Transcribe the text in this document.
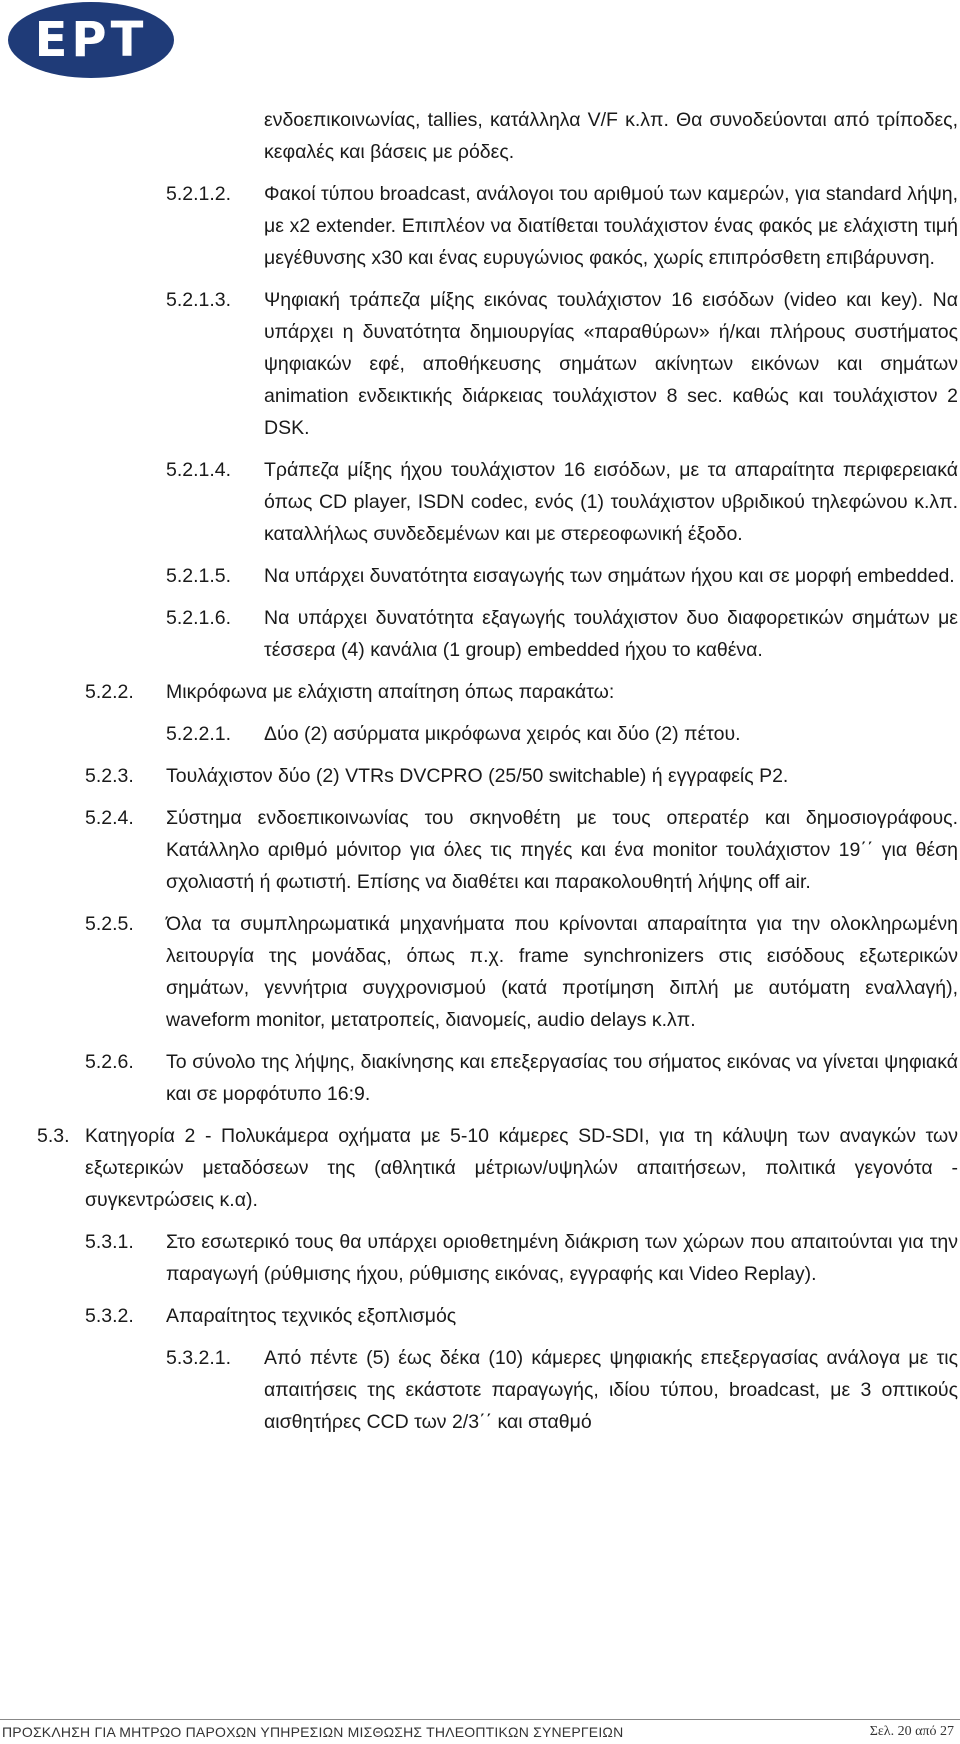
ΕΡΤ
ενδοεπικοινωνίας, tallies, κατάλληλα V/F κ.λπ. Θα συνοδεύονται από τρίποδες, κεφαλές και βάσεις με ρόδες.
5.2.1.2. Φακοί τύπου broadcast, ανάλογοι του αριθμού των καμερών, για standard λήψη, με x2 extender. Επιπλέον να διατίθεται τουλάχιστον ένας φακός με ελάχιστη τιμή μεγέθυνσης x30 και ένας ευρυγώνιος φακός, χωρίς επιπρόσθετη επιβάρυνση.
5.2.1.3. Ψηφιακή τράπεζα μίξης εικόνας τουλάχιστον 16 εισόδων (video και key). Να υπάρχει η δυνατότητα δημιουργίας «παραθύρων» ή/και πλήρους συστήματος ψηφιακών εφέ, αποθήκευσης σημάτων ακίνητων εικόνων και σημάτων animation ενδεικτικής διάρκειας τουλάχιστον 8 sec. καθώς και τουλάχιστον 2 DSK.
5.2.1.4. Τράπεζα μίξης ήχου τουλάχιστον 16 εισόδων, με τα απαραίτητα περιφερειακά όπως CD player, ISDN codec, ενός (1) τουλάχιστον υβριδικού τηλεφώνου κ.λπ. καταλλήλως συνδεδεμένων και με στερεοφωνική έξοδο.
5.2.1.5. Να υπάρχει δυνατότητα εισαγωγής των σημάτων ήχου και σε μορφή embedded.
5.2.1.6. Να υπάρχει δυνατότητα εξαγωγής τουλάχιστον δυο διαφορετικών σημάτων με τέσσερα (4) κανάλια (1 group) embedded ήχου το καθένα.
5.2.2. Μικρόφωνα με ελάχιστη απαίτηση όπως παρακάτω:
5.2.2.1. Δύο (2) ασύρματα μικρόφωνα χειρός και δύο (2) πέτου.
5.2.3. Τουλάχιστον δύο (2) VTRs DVCPRO (25/50 switchable) ή εγγραφείς P2.
5.2.4. Σύστημα ενδοεπικοινωνίας του σκηνοθέτη με τους οπερατέρ και δημοσιογράφους. Κατάλληλο αριθμό μόνιτορ για όλες τις πηγές και ένα monitor τουλάχιστον 19΄΄ για θέση σχολιαστή ή φωτιστή. Επίσης να διαθέτει και παρακολουθητή λήψης off air.
5.2.5. Όλα τα συμπληρωματικά μηχανήματα που κρίνονται απαραίτητα για την ολοκληρωμένη λειτουργία της μονάδας, όπως π.χ. frame synchronizers στις εισόδους εξωτερικών σημάτων, γεννήτρια συγχρονισμού (κατά προτίμηση διπλή με αυτόματη εναλλαγή), waveform monitor, μετατροπείς, διανομείς, audio delays κ.λπ.
5.2.6. Το σύνολο της λήψης, διακίνησης και επεξεργασίας του σήματος εικόνας να γίνεται ψηφιακά και σε μορφότυπο 16:9.
5.3. Κατηγορία 2 - Πολυκάμερα οχήματα με 5-10 κάμερες SD-SDI, για τη κάλυψη των αναγκών των εξωτερικών μεταδόσεων της (αθλητικά μέτριων/υψηλών απαιτήσεων, πολιτικά γεγονότα - συγκεντρώσεις κ.α).
5.3.1. Στο εσωτερικό τους θα υπάρχει οριοθετημένη διάκριση των χώρων που απαιτούνται για την παραγωγή (ρύθμισης ήχου, ρύθμισης εικόνας, εγγραφής και Video Replay).
5.3.2. Απαραίτητος τεχνικός εξοπλισμός
5.3.2.1. Από πέντε (5) έως δέκα (10) κάμερες ψηφιακής επεξεργασίας ανάλογα με τις απαιτήσεις της εκάστοτε παραγωγής, ιδίου τύπου, broadcast, με 3 οπτικούς αισθητήρες CCD των 2/3΄΄ και σταθμό
ΠΡΟΣΚΛΗΣΗ ΓΙΑ ΜΗΤΡΩΟ ΠΑΡΟΧΩΝ ΥΠΗΡΕΣΙΩΝ ΜΙΣΘΩΣΗΣ ΤΗΛΕΟΠΤΙΚΩΝ ΣΥΝΕΡΓΕΙΩΝ	Σελ. 20 από 27
